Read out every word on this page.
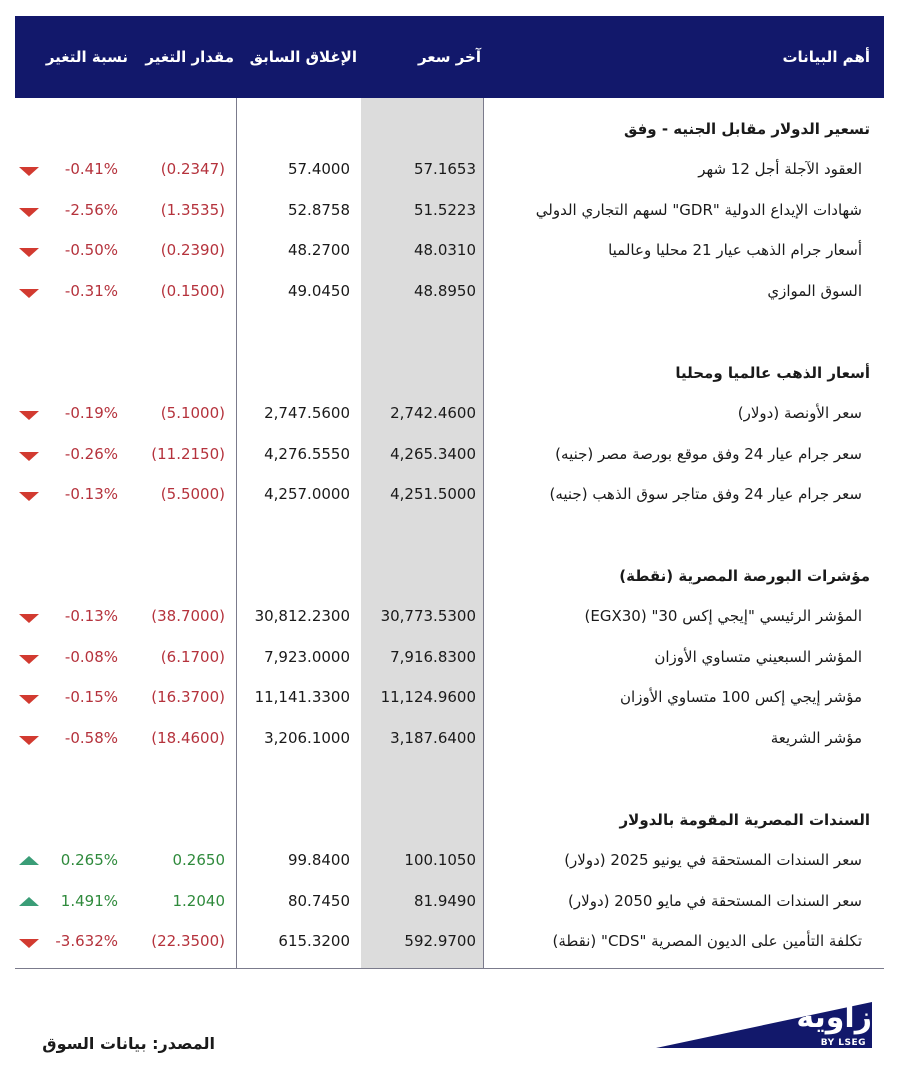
أهم البيانات
آخر سعر
الإغلاق السابق
مقدار التغير
نسبة التغير
تسعير الدولار مقابل الجنيه - وفق
العقود الآجلة أجل 12 شهر
57.1653
57.4000
(0.2347)
-0.41%
شهادات الإيداع الدولية "GDR" لسهم التجاري الدولي
51.5223
52.8758
(1.3535)
-2.56%
أسعار جرام الذهب عيار 21 محليا وعالميا
48.0310
48.2700
(0.2390)
-0.50%
السوق الموازي
48.8950
49.0450
(0.1500)
-0.31%
أسعار الذهب عالميا ومحليا
سعر الأونصة (دولار)
2,742.4600
2,747.5600
(5.1000)
-0.19%
سعر جرام عيار 24 وفق موقع بورصة مصر (جنيه)
4,265.3400
4,276.5550
(11.2150)
-0.26%
سعر جرام عيار 24 وفق متاجر سوق الذهب (جنيه)
4,251.5000
4,257.0000
(5.5000)
-0.13%
مؤشرات البورصة المصرية (نقطة)
المؤشر الرئيسي "إيجي إكس 30" (EGX30)
30,773.5300
30,812.2300
(38.7000)
-0.13%
المؤشر السبعيني متساوي الأوزان
7,916.8300
7,923.0000
(6.1700)
-0.08%
مؤشر إيجي إكس 100 متساوي الأوزان
11,124.9600
11,141.3300
(16.3700)
-0.15%
مؤشر الشريعة
3,187.6400
3,206.1000
(18.4600)
-0.58%
السندات المصرية المقومة بالدولار
سعر السندات المستحقة في يونيو 2025 (دولار)
100.1050
99.8400
0.2650
0.265%
سعر السندات المستحقة في مايو 2050 (دولار)
81.9490
80.7450
1.2040
1.491%
تكلفة التأمين على الديون المصرية "CDS" (نقطة)
592.9700
615.3200
(22.3500)
-3.632%
المصدر: بيانات السوق
زاوية
BY LSEG
